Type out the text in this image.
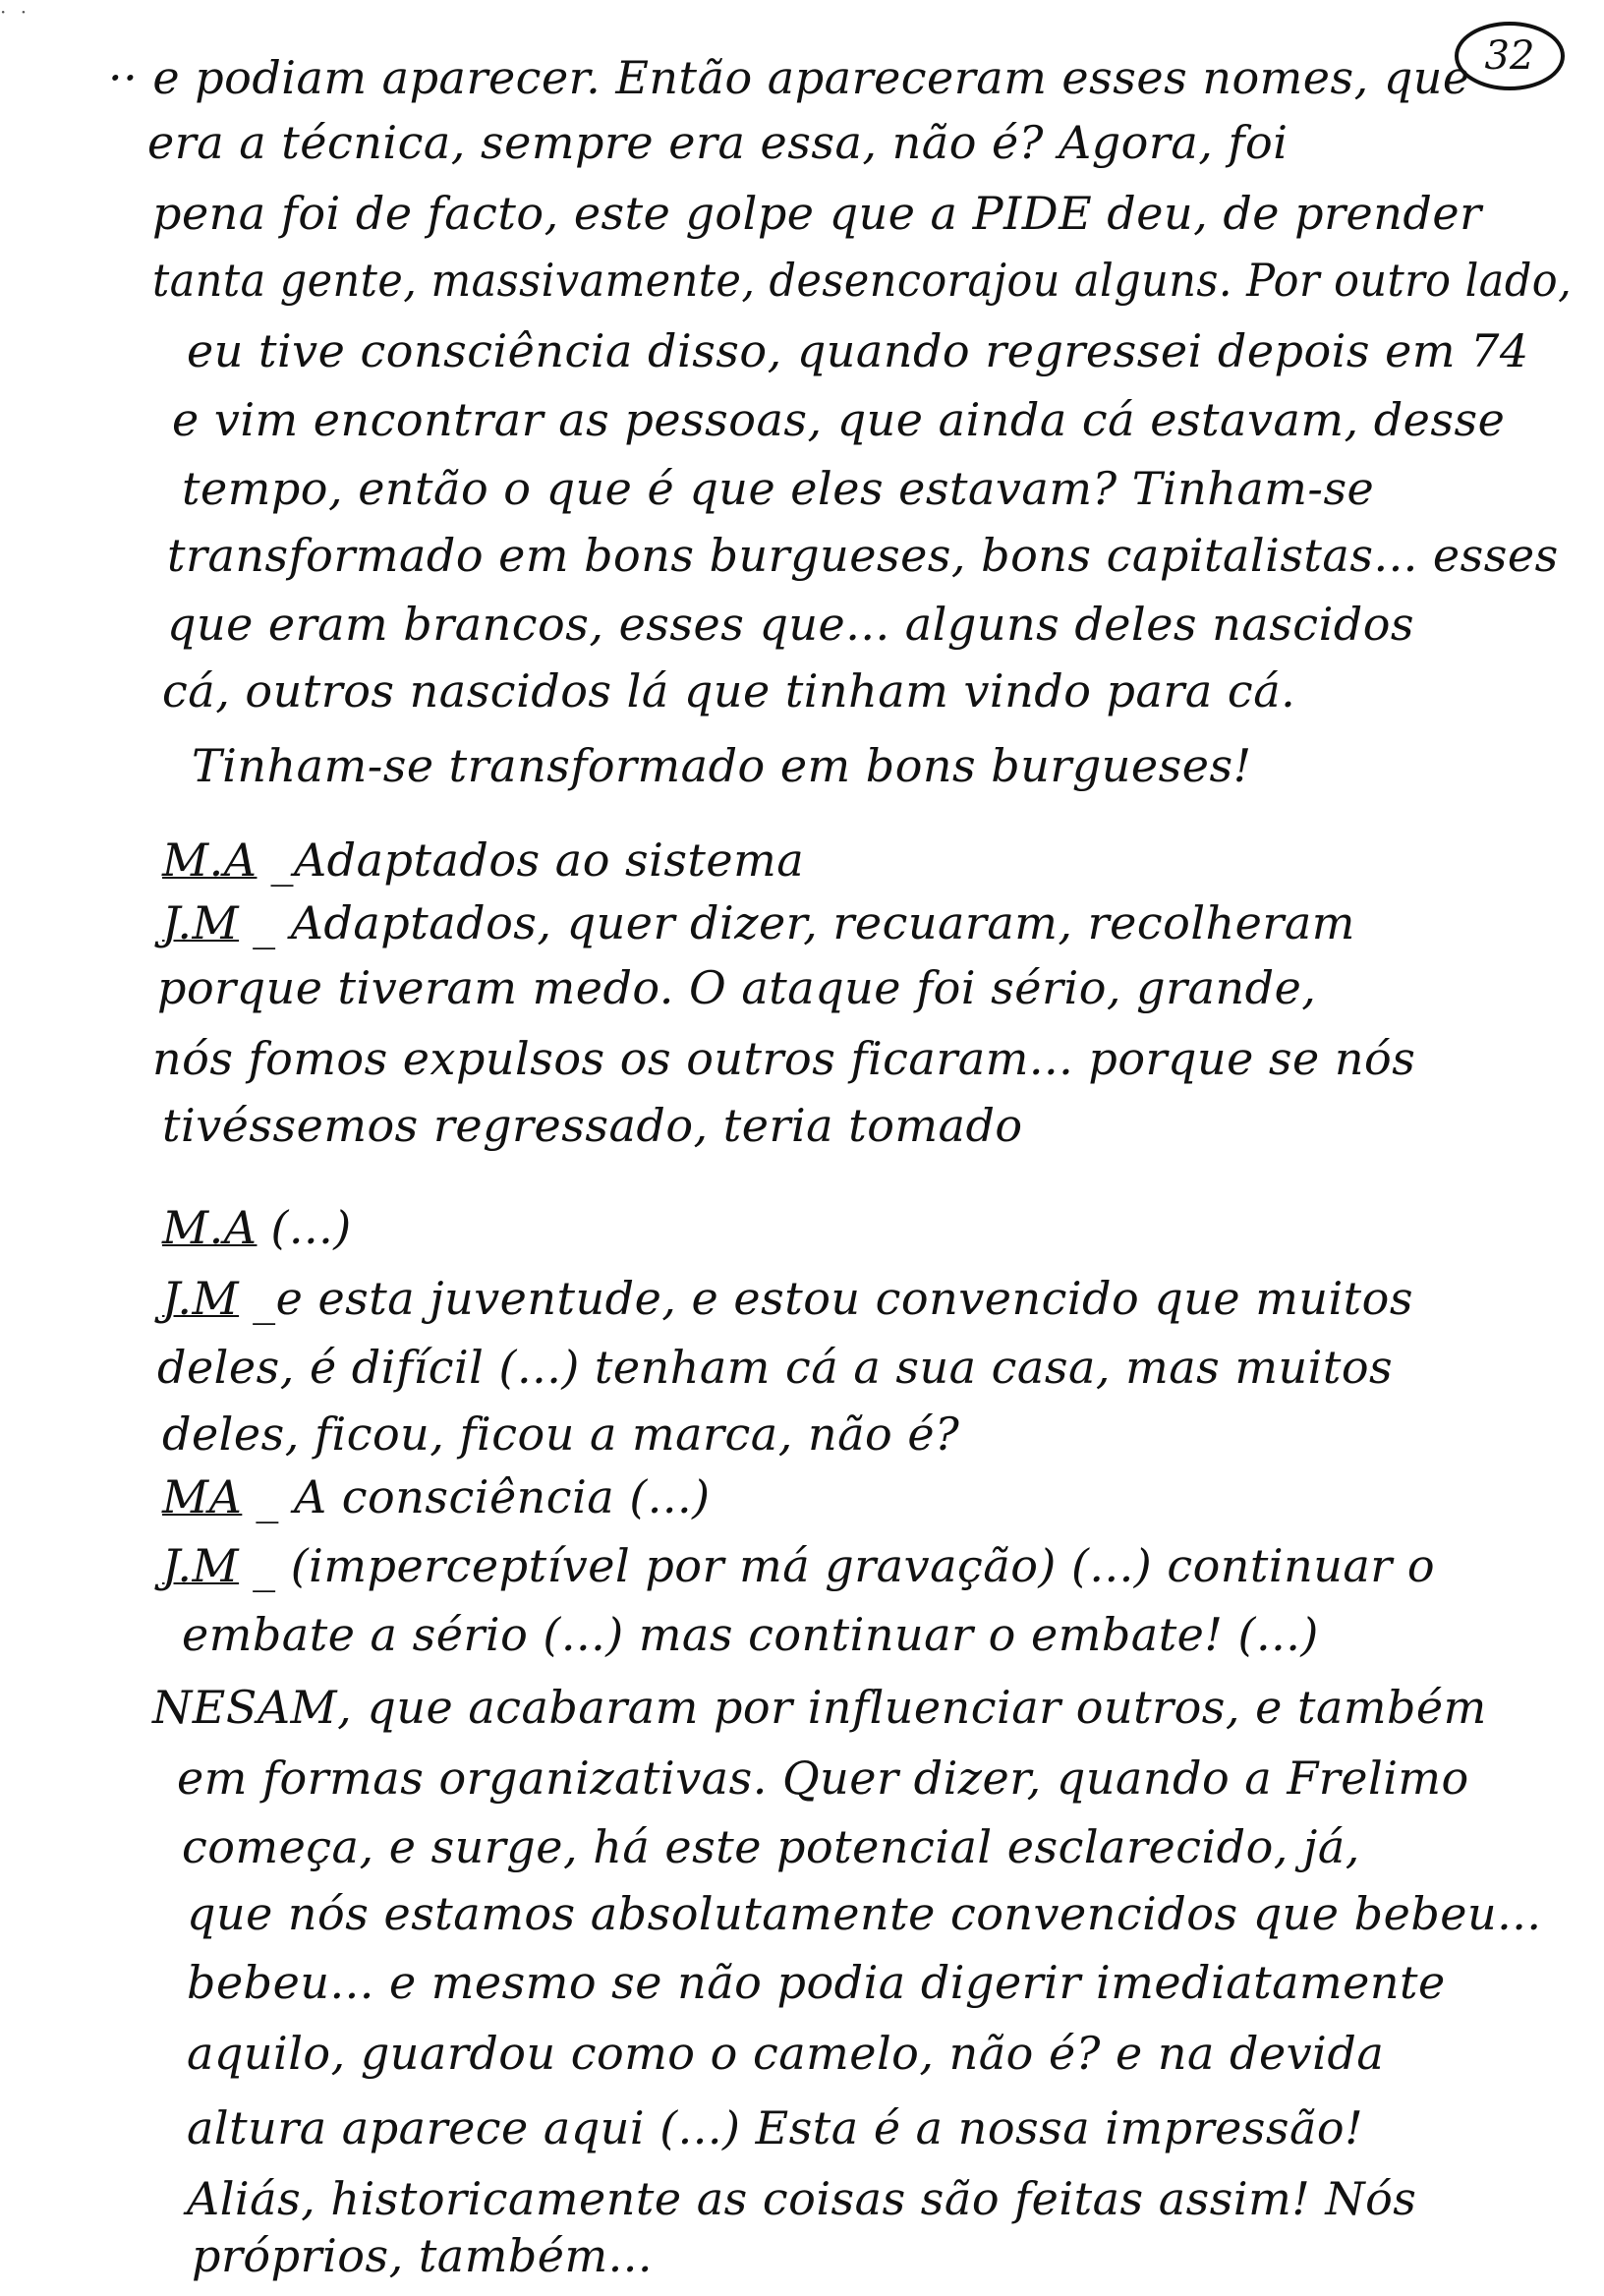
· ·
32
·· e podiam aparecer. Então apareceram esses nomes, que
era a técnica, sempre era essa, não é? Agora, foi
pena foi de facto, este golpe que a PIDE deu, de prender
tanta gente, massivamente, desencorajou alguns. Por outro lado,
eu tive consciência disso, quando regressei depois em 74
e vim encontrar as pessoas, que ainda cá estavam, desse
tempo, então o que é que eles estavam? Tinham-se
transformado em bons burgueses, bons capitalistas... esses
que eram brancos, esses que... alguns deles nascidos
cá, outros nascidos lá que tinham vindo para cá.
Tinham-se transformado em bons burgueses!
M.A _Adaptados ao sistema
J.M _ Adaptados, quer dizer, recuaram, recolheram
porque tiveram medo. O ataque foi sério, grande,
nós fomos expulsos os outros ficaram... porque se nós
tivéssemos regressado, teria tomado
M.A (...)
J.M _e esta juventude, e estou convencido que muitos
deles, é difícil (...) tenham cá a sua casa, mas muitos
deles, ficou, ficou a marca, não é?
MA _ A consciência (...)
J.M _ (imperceptível por má gravação) (...) continuar o
embate a sério (...) mas continuar o embate! (...)
NESAM, que acabaram por influenciar outros, e também
em formas organizativas. Quer dizer, quando a Frelimo
começa, e surge, há este potencial esclarecido, já,
que nós estamos absolutamente convencidos que bebeu...
bebeu... e mesmo se não podia digerir imediatamente
aquilo, guardou como o camelo, não é? e na devida
altura aparece aqui (...) Esta é a nossa impressão!
Aliás, historicamente as coisas são feitas assim! Nós
próprios, também...
